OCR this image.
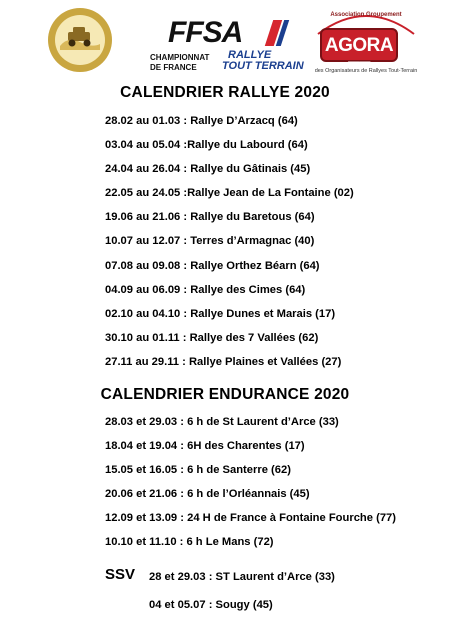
FFSA
CHAMPIONNAT
DE FRANCE
RALLYE
TOUT TERRAIN
Association Groupement
AGORA TT
des Organisateurs de Rallyes Tout-Terrain
CALENDRIER RALLYE 2020
28.02 au 01.03 : Rallye D’Arzacq (64)
03.04 au 05.04 :Rallye du Labourd (64)
24.04 au 26.04 : Rallye du Gâtinais (45)
22.05 au 24.05 :Rallye Jean de La Fontaine (02)
19.06 au 21.06 : Rallye du Baretous (64)
10.07 au 12.07 : Terres d’Armagnac (40)
07.08 au 09.08 : Rallye Orthez Béarn (64)
04.09 au 06.09 : Rallye des Cimes (64)
02.10 au 04.10 : Rallye Dunes et Marais (17)
30.10 au 01.11 : Rallye des 7 Vallées (62)
27.11 au 29.11 : Rallye Plaines et Vallées (27)
CALENDRIER ENDURANCE 2020
28.03 et 29.03 : 6 h de St Laurent d’Arce (33)
18.04 et 19.04 : 6H des Charentes (17)
15.05 et 16.05 : 6 h de Santerre (62)
20.06 et 21.06 : 6 h de l’Orléannais (45)
12.09 et 13.09 : 24 H de France à Fontaine Fourche (77)
10.10 et 11.10 : 6 h Le Mans (72)
SSV 28 et 29.03 : ST Laurent d’Arce (33)
04 et 05.07 : Sougy (45)
